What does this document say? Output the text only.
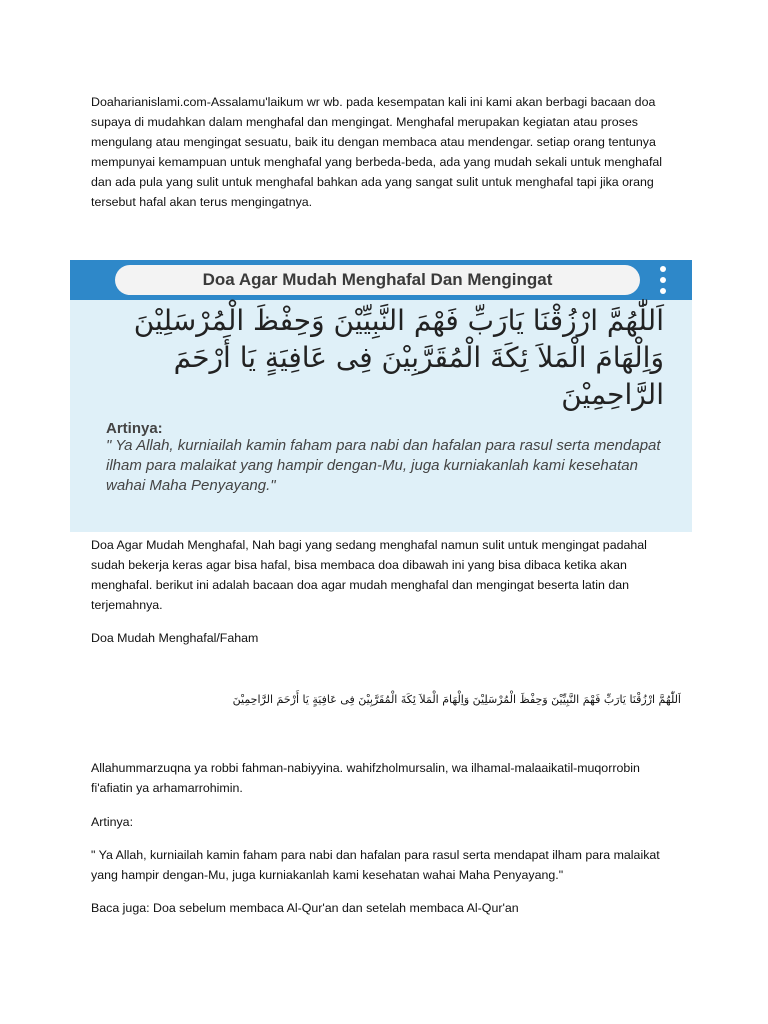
Doaharianislami.com-Assalamu'laikum wr wb. pada kesempatan kali ini kami akan berbagi bacaan doa supaya di mudahkan dalam menghafal dan mengingat. Menghafal merupakan kegiatan atau proses mengulang atau mengingat sesuatu, baik itu dengan membaca atau mendengar. setiap orang tentunya mempunyai kemampuan untuk menghafal yang berbeda-beda, ada yang mudah sekali untuk menghafal dan ada pula yang sulit untuk menghafal bahkan ada yang sangat sulit untuk menghafal tapi jika orang tersebut hafal akan terus mengingatnya.

Doa Agar Mudah Menghafal Dan Mengingat

اَللّٰهُمَّ ارْزُقْنَا يَارَبِّ فَهْمَ النَّبِيِّيْنَ وَحِفْظَ الْمُرْسَلِيْنَ وَاِلْهَامَ الْمَلاَ ئِكَةَ الْمُقَرَّبِيْنَ فِى عَافِيَةٍ يَا أَرْحَمَ الرَّاحِمِيْنَ

Artinya:

" Ya Allah, kurniailah kamin faham para nabi dan hafalan para rasul serta mendapat ilham para malaikat yang hampir dengan-Mu, juga kurniakanlah kami kesehatan wahai Maha Penyayang."

Doa Agar Mudah Menghafal, Nah bagi yang sedang menghafal namun sulit untuk mengingat padahal sudah bekerja keras agar bisa hafal, bisa membaca doa dibawah ini yang bisa dibaca ketika akan menghafal. berikut ini adalah bacaan doa agar mudah menghafal dan mengingat beserta latin dan terjemahnya.

Doa Mudah Menghafal/Faham

اَللّٰهُمَّ ارْزُقْنَا يَارَبِّ فَهْمَ النَّبِيِّيْنَ وَحِفْظَ الْمُرْسَلِيْنَ وَاِلْهَامَ الْمَلاَ ئِكَةَ الْمُقَرَّبِيْنَ فِى عَافِيَةٍ يَا أَرْحَمَ الرَّاحِمِيْنَ

Allahummarzuqna ya robbi fahman-nabiyyina. wahifzholmursalin, wa ilhamal-malaaikatil-muqorrobin fi'afiatin ya arhamarrohimin.

Artinya:

" Ya Allah, kurniailah kamin faham para nabi dan hafalan para rasul serta mendapat ilham para malaikat yang hampir dengan-Mu, juga kurniakanlah kami kesehatan wahai Maha Penyayang."

Baca juga: Doa sebelum membaca Al-Qur'an dan setelah membaca Al-Qur'an
